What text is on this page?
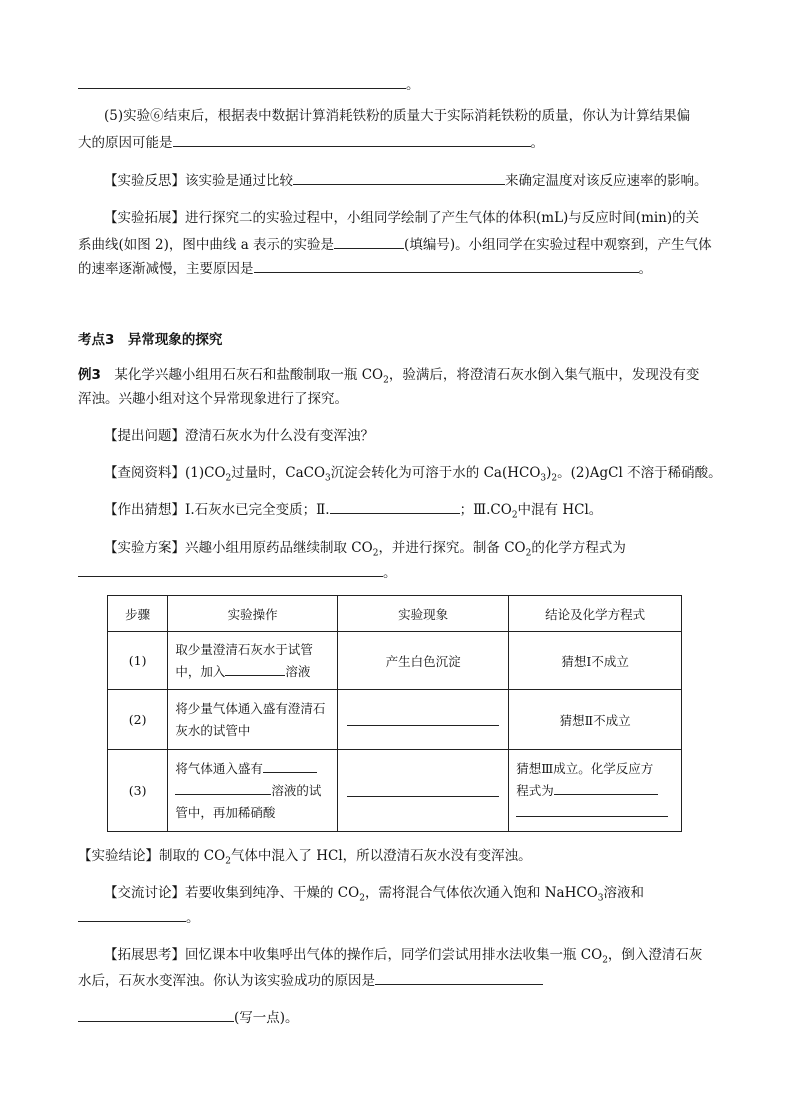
。
(5)实验⑥结束后，根据表中数据计算消耗铁粉的质量大于实际消耗铁粉的质量，你认为计算结果偏
大的原因可能是	。
【实验反思】该实验是通过比较	来确定温度对该反应速率的影响。
【实验拓展】进行探究二的实验过程中，小组同学绘制了产生气体的体积(mL)与反应时间(min)的关
系曲线(如图 2)，图中曲线 a 表示的实验是	(填编号)。小组同学在实验过程中观察到，产生气体
的速率逐渐减慢，主要原因是	。
考点3　异常现象的探究
例3　某化学兴趣小组用石灰石和盐酸制取一瓶 $CO_2$，验满后，将澄清石灰水倒入集气瓶中，发现没有变
浑浊。兴趣小组对这个异常现象进行了探究。
【提出问题】澄清石灰水为什么没有变浑浊？
【查阅资料】$(1)CO_2$过量时，CaCO$_3$沉淀会转化为可溶于水的 $Ca(HCO_3)_2$。(2)AgCl 不溶于稀硝酸。
【作出猜想】Ⅰ.石灰水已完全变质；Ⅱ.	；$Ⅲ.CO_2$中混有 HCl。
【实验方案】兴趣小组用原药品继续制取 $CO_2$，并进行探究。制备 $CO_2$的化学方程式为
。
步骤	实验操作	实验现象	结论及化学方程式
(1)	取少量澄清石灰水于试管
中，加入 溶液	产生白色沉淀	猜想Ⅰ不成立
(2)	将少量气体通入盛有澄清石灰水的试管中		猜想Ⅱ不成立
(3)	将气体通入盛有
溶液的试
管中，再加稀硝酸		猜想Ⅲ成立。化学反应方
程式为

【实验结论】制取的 $CO_2$气体中混入了 HCl，所以澄清石灰水没有变浑浊。
【交流讨论】若要收集到纯净、干燥的 $CO_2$，需将混合气体依次通入饱和 NaHCO$_3$溶液和
。
【拓展思考】回忆课本中收集呼出气体的操作后，同学们尝试用排水法收集一瓶 $CO_2$，倒入澄清石灰
水后，石灰水变浑浊。你认为该实验成功的原因是
(写一点)。
